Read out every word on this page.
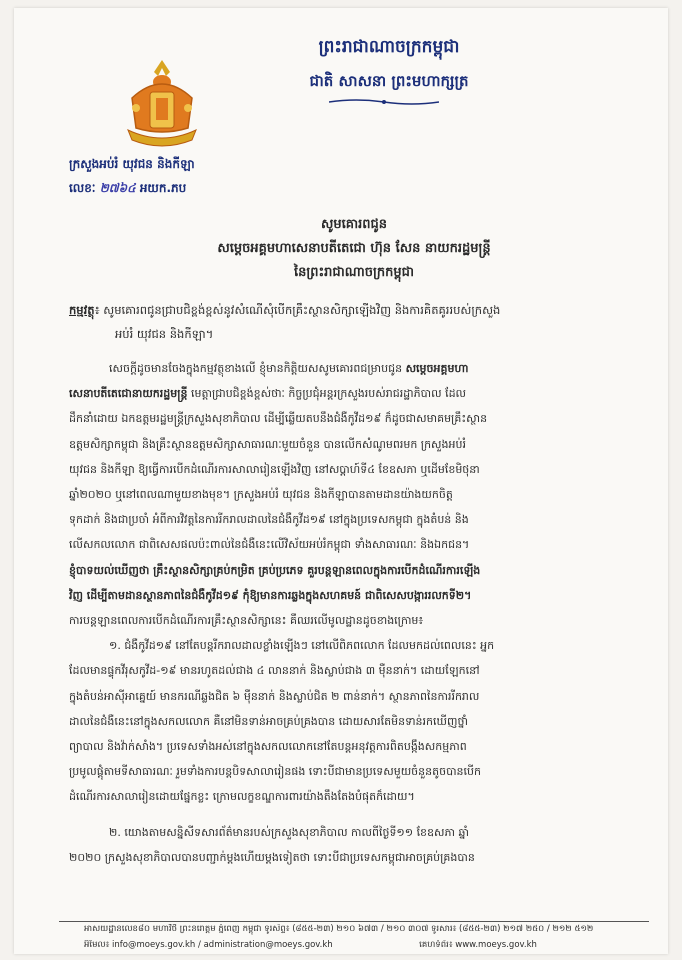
ព្រះរាជាណាចក្រកម្ពុជា
ជាតិ សាសនា ព្រះមហាក្សត្រ
ក្រសួងអប់រំ យុវជន និងកីឡា
លេខៈ ២៧៦៤ អយក.ភប
សូមគោរពជូន
សម្តេចអគ្គមហាសេនាបតីតេជោ ហ៊ុន សែន នាយករដ្ឋមន្ត្រី
នៃព្រះរាជាណាចក្រកម្ពុជា
កម្មវត្ថុ៖ សូមគោរពជូនជ្រាបជិខ្ពង់ខ្ពស់នូវសំណើសុំបើកគ្រឹះស្ថានសិក្សាឡើងវិញ និងការគិតគូររបស់ក្រសួង
អប់រំ យុវជន និងកីឡា។

សេចក្តីដូចមានចែងក្នុងកម្មវត្ថុខាងលើ ខ្ញុំមានកិត្តិយសសូមគោរពជម្រាបជូន សម្តេចអគ្គមហា

សេនាបតីតេជោនាយករដ្ឋមន្ត្រី មេត្តាជ្រាបជិខ្ពង់ខ្ពស់ថាៈ កិច្ចប្រជុំអន្តរក្រសួងរបស់រាជរដ្ឋាភិបាល ដែល

ដឹកនាំដោយ ឯកឧត្តមរដ្ឋមន្ត្រីក្រសួងសុខាភិបាល ដើម្បីឆ្លើយតបនឹងជំងឺកូវីដ១៩ ក៏ដូចជាសមាគមគ្រឹះស្ថាន

ឧត្តមសិក្សាកម្ពុជា និងគ្រឹះស្ថានឧត្តមសិក្សាសាធារណៈមួយចំនួន បានលើកសំណូមពរមក ក្រសួងអប់រំ

យុវជន និងកីឡា ឱ្យធ្វើការបើកដំណើរការសាលារៀនឡើងវិញ នៅសប្តាហ៍ទី៤ ខែឧសភា ឬដើមខែមិថុនា

ឆ្នាំ២០២០ ឬនៅពេលណាមួយខាងមុខ។ ក្រសួងអប់រំ យុវជន និងកីឡាបានតាមដានយ៉ាងយកចិត្ត

ទុកដាក់ និងជាប្រចាំ អំពីការវិវត្តនៃការរីករាលដាលនៃជំងឺកូវីដ១៩ នៅក្នុងប្រទេសកម្ពុជា ក្នុងតំបន់ និង

លើសកលលោក ជាពិសេសផលប៉ះពាល់នៃជំងឺនេះលើវិស័យអប់រំកម្ពុជា ទាំងសាធារណៈ និងឯកជន។

ខ្ញុំបាទយល់ឃើញថា គ្រឹះស្ថានសិក្សាគ្រប់កម្រិត គ្រប់ប្រភេទ គួរបន្តឡានពេលក្នុងការបើកដំណើរការឡើង

វិញ ដើម្បីតាមដានស្ថានភាពនៃជំងឺកូវីដ១៩ កុំឱ្យមានការឆ្លងក្នុងសហគមន៍ ជាពិសេសបង្ការរលកទី២។

ការបន្តឡានពេលការបើកដំណើរការគ្រឹះស្ថានសិក្សានេះ គឺឈរលើមូលដ្ឋានដូចខាងក្រោម៖

១. ជំងឺកូវីដ១៩ នៅតែបន្តរីករាលដាលខ្លាំងឡើងៗ នៅលើពិភពលោក ដែលមកដល់ពេលនេះ អ្នក

ដែលមានផ្ទុកវីរុសកូវីដ-១៩ មានរហូតដល់ជាង ៤ លាននាក់ និងស្លាប់ជាង ៣ ម៉ឺននាក់។ ដោយឡែកនៅ

ក្នុងតំបន់អាស៊ីអាគ្នេយ៍ មានករណីឆ្លងជិត ៦ ម៉ឺននាក់ និងស្លាប់ជិត ២ ពាន់នាក់។ ស្ថានភាពនៃការរីករាល

ដាលនៃជំងឺនេះនៅក្នុងសកលលោក គឺនៅមិនទាន់អាចគ្រប់គ្រងបាន ដោយសារតែមិនទាន់រកឃើញថ្នាំ

ព្យាបាល និងវ៉ាក់សាំង។ ប្រទេសទាំងអស់នៅក្នុងសកលលោកនៅតែបន្តអនុវត្តការពិតបង្កឹងសកម្មភាព

ប្រមូលផ្តុំតាមទីសាធារណៈ រួមទាំងការបន្តបិទសាលារៀនផង ទោះបីជាមានប្រទេសមួយចំនួនតូចបានបើក

ដំណើរការសាលារៀនដោយផ្នែកខ្លះ ក្រោមលក្ខខណ្ឌការពារយ៉ាងតឹងតែងបំផុតក៏ដោយ។

២. យោងតាមសន្និសីទសារព័ត៌មានរបស់ក្រសួងសុខាភិបាល កាលពីថ្ងៃទី១១ ខែឧសភា ឆ្នាំ

២០២០ ក្រសួងសុខាភិបាលបានបញ្ជាក់ម្តងហើយម្តងទៀតថា ទោះបីជាប្រទេសកម្ពុជាអាចគ្រប់គ្រងបាន

អាសយដ្ឋានលេខ៨០ មហាវិថី ព្រះនរោត្តម ភ្នំពេញ កម្ពុជា ទូរស័ព្ទ៖ (៨៥៥-២៣) ២១០ ៦៧៣ / ២១០ ៣០៧ ទូរសារ៖ (៨៥៥-២៣) ២១៧ ២៥០ / ២១២ ៥១២
អ៊ីមែល៖ info@moeys.gov.kh / administration@moeys.gov.kh	គេហទំព័រ៖ www.moeys.gov.kh
